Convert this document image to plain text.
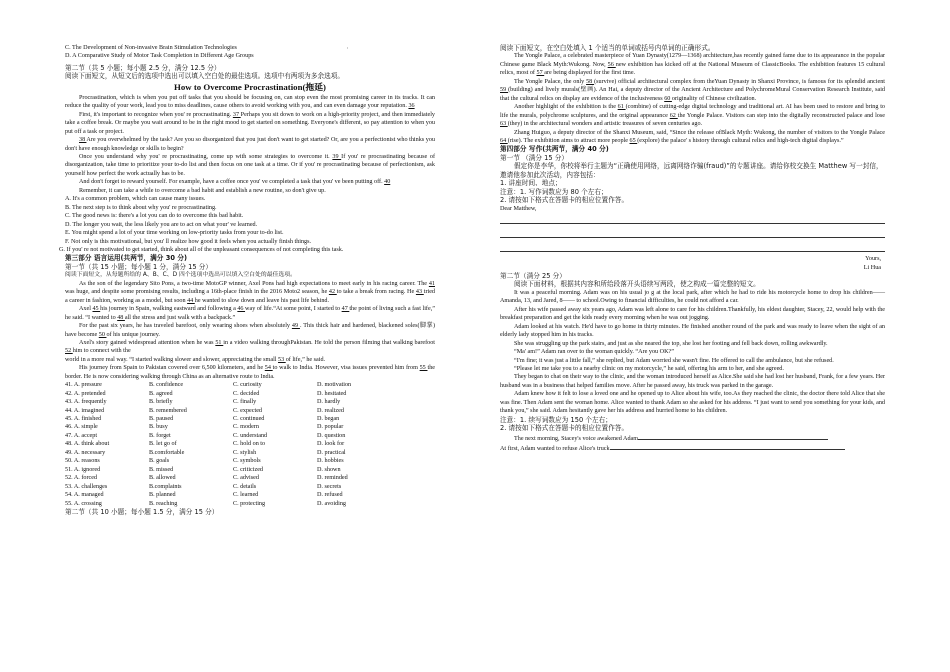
'

C. The Development of Non-invasive Brain Stimulation Technologies

D. A Comparative Study of Motor Task Completion in Different Age Groups

第二节（共 5 小题；每小题 2.5 分，满分 12.5 分）

阅读下面短文，从短文后的选项中选出可以填入空白处的最佳选项。选项中有两项为多余选项。

How to Overcome Procrastination(拖延)

Procrastination, which is when you put off tasks that you should be focusing on, can stop even the most promising career in its tracks. It can reduce the quality of your work, lead you to miss deadlines, cause others to avoid working with you, and can even damage your reputation. 36

First, it's important to recognize when you' re procrastinating. 37 Perhaps you sit down to work on a high-priority project, and then immediately take a coffee break. Or maybe you wait around to be in the right mood to get started on something. Everyone's different, so pay attention to when you put off a task or project.

38 Are you overwhelmed by the task? Are you so disorganized that you just don't want to get started? Or, are you a perfectionist who thinks you don't have enough knowledge or skills to begin?

Once you understand why you' re procrastinating, come up with some strategies to overcome it. 39 If you' re procrastinating because of disorganization, take time to prioritize your to-do list and then focus on one task at a time. Or if you' re procrastinating because of perfectionism, ask yourself how perfect the work actually has to be.

And don't forget to reward yourself. For example, have a coffee once you' ve completed a task that you' ve been putting off. 40

Remember, it can take a while to overcome a bad habit and establish a new routine, so don't give up.

A. It's a common problem, which can cause many issues.

B. The next step is to think about why you' re procrastinating.

C. The good news is: there's a lot you can do to overcome this bad habit.

D. The longer you wait, the less likely you are to act on what your' ve learned.

E. You might spend a lot of your time working on low-priority tasks from your to-do list.

F. Not only is this motivational, but you' ll realize how good it feels when you actually finish things.

G. If you' re not motivated to get started, think about all of the unpleasant consequences of not completing this task.

第三部分 语言运用(共两节，满分 30 分)

第一节（共 15 小题；每小题 1 分，满分 15 分）

阅读下面短文，从每题所给的 A、B、C、D 四个选项中选出可以填入空白处的最佳选项。

As the son of the legendary Sito Pons, a two-time MotoGP winner, Axel Pons had high expectations to meet early in his racing career. The 41 was huge, and despite some promising results, including a 16th-place finish in the 2016 Moto2 season, he 42 to take a break from racing. He 43 tried a career in fashion, working as a model, but soon 44 he wanted to slow down and leave his past life behind.

Axel 45 his journey in Spain, walking eastward and following a 46 way of life.“At some point, I started to 47 the point of living such a fast life,” he said. “I wanted to 48 all the stress and just walk with a backpack.”

For the past six years, he has traveled barefoot, only wearing shoes when absolutely 49 . This thick hair and hardened, blackened soles(脚掌) have become 50 of his unique journey.

Axel's story gained widespread attention when he was 51 in a video walking throughPakistan. He told the person filming that walking barefoot 52 him to connect with the

world in a more real way. “I started walking slower and slower, appreciating the small 53 of life,” he said.

His journey from Spain to Pakistan covered over 6,500 kilometers, and he 54 to walk to India. However, visa issues prevented him from 55 the border. He is now considering walking through China as an alternative route to India.

41. A. pressure	B. confidence	C. curiosity	D. motivation
42. A. pretended	B. agreed	C. decided	D. hesitated
43. A. frequently	B. briefly	C. finally	D. hardly
44. A. imagined	B. remembered	C. expected	D. realized
45. A. finished	B. paused	C. continued	D. began
46. A. simple	B. busy	C. modern	D. popular
47. A. accept	B. forget	C. understand	D. question
48. A. think about	B. let go of	C. hold on to	D. look for
49. A. necessary	B.comfortable	C. stylish	D. practical
50. A. reasons	B. goals	C. symbols	D. hobbies
51. A. ignored	B. missed	C. criticized	D. shown
52. A. forced	B. allowed	C. advised	D. reminded
53. A. challenges	B.complaints	C. details	D. secrets
54. A. managed	B. planned	C. learned	D. refused
55. A. crossing	B. reaching	C. protecting	D. avoiding

第二节（共 10 小题；每小题 1.5 分，满分 15 分）

阅读下面短文，在空白处填入 1 个适当的单词或括号内单词的正确形式。

The Yongle Palace, a celebrated masterpiece of Yuan Dynasty(1279—1368) architecture,has recently gained fame due to its appearance in the popular Chinese game Black Myth:Wukong. Now, 56 new exhibition has kicked off at the National Museum of ClassicBooks. The exhibition features 15 cultural relics, most of 57 are being displayed for the first time.

The Yongle Palace, the only 58 (survive) official architectural complex from theYuan Dynasty in Shanxi Province, is famous for its splendid ancient 59 (building) and lively murals(壁画). An Hai, a deputy director of the Ancient Architecture and PolychromeMural Conservation Research Institute, said that the cultural relics on display are evidence of the inclusiveness 60 originality of Chinese civilization.

Another highlight of the exhibition is the 61 (combine) of cutting-edge digital technology and traditional art. AI has been used to restore and bring to life the murals, polychrome sculptures, and the original appearance 62 the Yongle Palace. Visitors can step into the digitally reconstructed palace and lose 63 (they) in the architectural wonders and artistic treasures of seven centuries ago.

Zhang Huiguo, a deputy director of the Shanxi Museum, said, “Since the release ofBlack Myth: Wukong, the number of visitors to the Yongle Palace 64 (rise). The exhibition aims to attract more people 65 (explore) the palace' s history through cultural relics and high-tech digital displays.”

第四部分 写作(共两节，满分 40 分)

第一节 （满分 15 分）

假定你是李华，你校将举行主题为“正确使用网络，远离网络诈骗(fraud)”的专题讲座。请给你校交换生 Matthew 写一封信，邀请他参加此次活动，内容包括：

1. 讲座时间、地点；

注意：1. 写作词数应为 80 个左右；

2. 请按如下格式在答题卡的相应位置作答。

Dear Matthew,

Yours,

Li Hua

第二节（满分 25 分）

阅读下面材料，根据其内容和所给段落开头语续写两段，使之构成一篇完整的短文。

It was a peaceful morning. Adam was on his usual jo g at the local park, after which he had to ride his motorcycle home to drop his children—— Amanda, 13, and Jared, 8—— to school.Owing to financial difficulties, he could not afford a car.

After his wife passed away six years ago, Adam was left alone to care for his children.Thankfully, his eldest daughter, Stacey, 22, would help with the breakfast preparation and get the kids ready every morning when he was out jogging.

Adam looked at his watch. He'd have to go home in thirty minutes. He finished another round of the park and was ready to leave when the sight of an elderly lady stopped him in his tracks.

She was struggling up the park stairs, and just as she neared the top, she lost her footing and fell back down, rolling awkwardly.

“Ma' am!” Adam ran over to the woman quickly. “Are you OK?”

“I'm fine; it was just a little fall,” she replied, but Adam worried she wasn't fine. He offered to call the ambulance, but she refused.

“Please let me take you to a nearby clinic on my motorcycle,” he said, offering his arm to her, and she agreed.

They began to chat on their way to the clinic, and the woman introduced herself as Alice.She said she had lost her husband, Frank, for a few years. Her husband was in a business that helped families move. After he passed away, his truck was parked in the garage.

Adam knew how it felt to lose a loved one and he opened up to Alice about his wife, too.As they reached the clinic, the doctor there told Alice that she was fine. Then Adam sent the woman home. Alice wanted to thank Adam so she asked for his address. “I just want to send you something for your kids, and thank you,” she said. Adam hesitantly gave her his address and hurried home to his children.

注意：1. 续写词数应为 150 个左右；

2. 请按如下格式在答题卡的相应位置作答。

The next morning, Stacey's voice awakened Adam

At first, Adam wanted to refuse Alice's truck
